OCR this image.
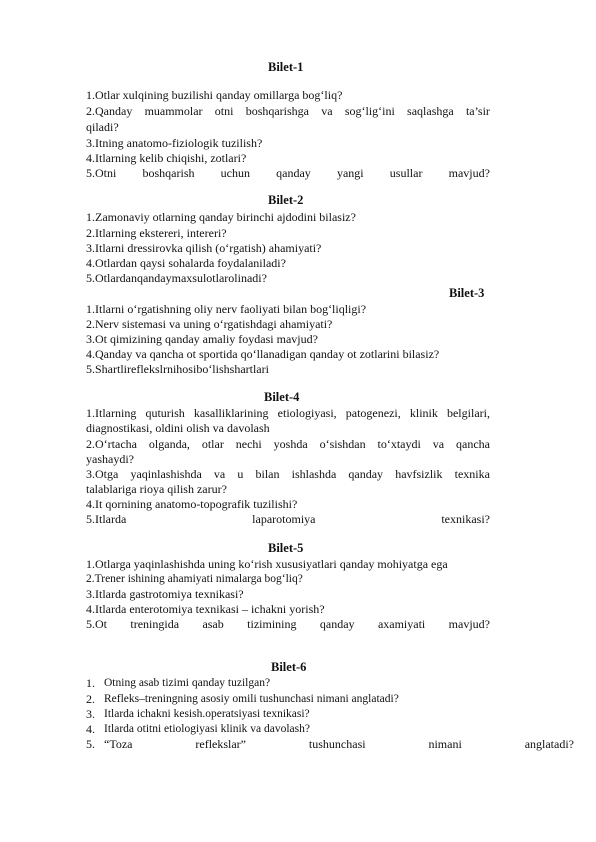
Bilet-1
1.Otlar xulqining buzilishi qanday omillarga bog‘liq?
2.Qanday muammolar otni boshqarishga va sog‘lig‘ini saqlashga ta’sir
qiladi?
3.Itning anatomo-fiziologik tuzilish?
4.Itlarning kelib chiqishi, zotlari?
5.Otni boshqarish uchun qanday yangi usullar mavjud?
Bilet-2
1.Zamonaviy otlarning qanday birinchi ajdodini bilasiz?
2.Itlarning ekstereri, intereri?
3.Itlarni dressirovka qilish (o‘rgatish) ahamiyati?
4.Otlardan qaysi sohalarda foydalaniladi?
5.Otlardanqandaymaxsulotlarolinadi?
Bilet-3
1.Itlarni o‘rgatishning oliy nerv faoliyati bilan bog‘liqligi?
2.Nerv sistemasi va uning o‘rgatishdagi ahamiyati?
3.Ot qimizining qanday amaliy foydasi mavjud?
4.Qanday va qancha ot sportida qo‘llanadigan qanday ot zotlarini bilasiz?
5.Shartlireflekslrnihosibo‘lishshartlari
Bilet-4
1.Itlarning quturish kasalliklarining etiologiyasi, patogenezi, klinik belgilari,
diagnostikasi, oldini olish va davolash
2.O‘rtacha olganda, otlar nechi yoshda o‘sishdan to‘xtaydi va qancha
yashaydi?
3.Otga yaqinlashishda va u bilan ishlashda qanday havfsizlik texnika
talablariga rioya qilish zarur?
4.It qornining anatomo-topografik tuzilishi?
5.Itlarda	laparotomiya	texnikasi?
Bilet-5
1.Otlarga yaqinlashishda uning ko‘rish xususiyatlari qanday mohiyatga ega
2.Trener ishining ahamiyati nimalarga bog‘liq?
3.Itlarda gastrotomiya texnikasi?
4.Itlarda enterotomiya texnikasi – ichakni yorish?
5.Ot treningida asab tizimining qanday axamiyati mavjud?
Bilet-6
1. Otning asab tizimi qanday tuzilgan?
2. Refleks–treningning asosiy omili tushunchasi nimani anglatadi?
3. Itlarda ichakni kesish.operatsiyasi texnikasi?
4. Itlarda otitni etiologiyasi klinik va davolash?
5. “Toza	reflekslar”	tushunchasi	nimani	anglatadi?
